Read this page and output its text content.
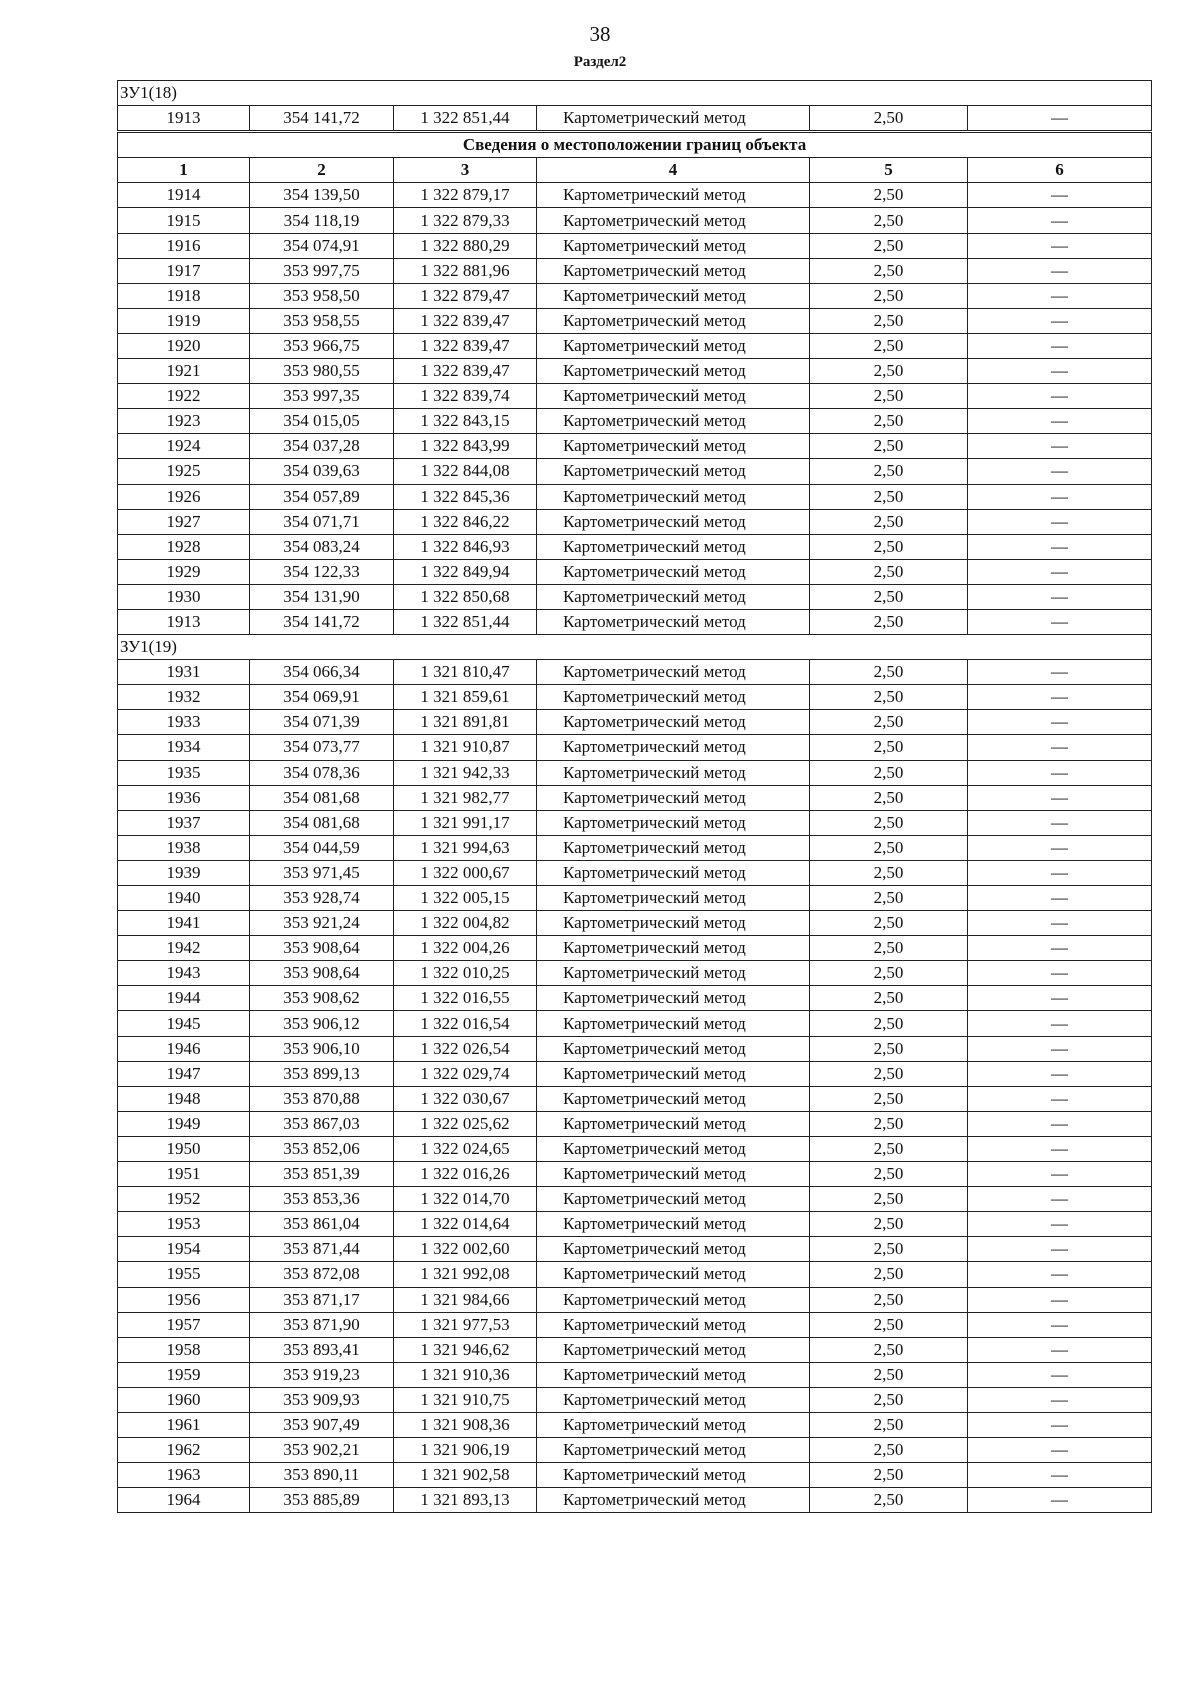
38
Раздел2
ЗУ1(18)					
1913	354 141,72	1 322 851,44	Картометрический метод	2,50	—
Сведения о местоположении границ объекта					
1	2	3	4	5	6
1914	354 139,50	1 322 879,17	Картометрический метод	2,50	—
1915	354 118,19	1 322 879,33	Картометрический метод	2,50	—
1916	354 074,91	1 322 880,29	Картометрический метод	2,50	—
1917	353 997,75	1 322 881,96	Картометрический метод	2,50	—
1918	353 958,50	1 322 879,47	Картометрический метод	2,50	—
1919	353 958,55	1 322 839,47	Картометрический метод	2,50	—
1920	353 966,75	1 322 839,47	Картометрический метод	2,50	—
1921	353 980,55	1 322 839,47	Картометрический метод	2,50	—
1922	353 997,35	1 322 839,74	Картометрический метод	2,50	—
1923	354 015,05	1 322 843,15	Картометрический метод	2,50	—
1924	354 037,28	1 322 843,99	Картометрический метод	2,50	—
1925	354 039,63	1 322 844,08	Картометрический метод	2,50	—
1926	354 057,89	1 322 845,36	Картометрический метод	2,50	—
1927	354 071,71	1 322 846,22	Картометрический метод	2,50	—
1928	354 083,24	1 322 846,93	Картометрический метод	2,50	—
1929	354 122,33	1 322 849,94	Картометрический метод	2,50	—
1930	354 131,90	1 322 850,68	Картометрический метод	2,50	—
1913	354 141,72	1 322 851,44	Картометрический метод	2,50	—
ЗУ1(19)					
1931	354 066,34	1 321 810,47	Картометрический метод	2,50	—
1932	354 069,91	1 321 859,61	Картометрический метод	2,50	—
1933	354 071,39	1 321 891,81	Картометрический метод	2,50	—
1934	354 073,77	1 321 910,87	Картометрический метод	2,50	—
1935	354 078,36	1 321 942,33	Картометрический метод	2,50	—
1936	354 081,68	1 321 982,77	Картометрический метод	2,50	—
1937	354 081,68	1 321 991,17	Картометрический метод	2,50	—
1938	354 044,59	1 321 994,63	Картометрический метод	2,50	—
1939	353 971,45	1 322 000,67	Картометрический метод	2,50	—
1940	353 928,74	1 322 005,15	Картометрический метод	2,50	—
1941	353 921,24	1 322 004,82	Картометрический метод	2,50	—
1942	353 908,64	1 322 004,26	Картометрический метод	2,50	—
1943	353 908,64	1 322 010,25	Картометрический метод	2,50	—
1944	353 908,62	1 322 016,55	Картометрический метод	2,50	—
1945	353 906,12	1 322 016,54	Картометрический метод	2,50	—
1946	353 906,10	1 322 026,54	Картометрический метод	2,50	—
1947	353 899,13	1 322 029,74	Картометрический метод	2,50	—
1948	353 870,88	1 322 030,67	Картометрический метод	2,50	—
1949	353 867,03	1 322 025,62	Картометрический метод	2,50	—
1950	353 852,06	1 322 024,65	Картометрический метод	2,50	—
1951	353 851,39	1 322 016,26	Картометрический метод	2,50	—
1952	353 853,36	1 322 014,70	Картометрический метод	2,50	—
1953	353 861,04	1 322 014,64	Картометрический метод	2,50	—
1954	353 871,44	1 322 002,60	Картометрический метод	2,50	—
1955	353 872,08	1 321 992,08	Картометрический метод	2,50	—
1956	353 871,17	1 321 984,66	Картометрический метод	2,50	—
1957	353 871,90	1 321 977,53	Картометрический метод	2,50	—
1958	353 893,41	1 321 946,62	Картометрический метод	2,50	—
1959	353 919,23	1 321 910,36	Картометрический метод	2,50	—
1960	353 909,93	1 321 910,75	Картометрический метод	2,50	—
1961	353 907,49	1 321 908,36	Картометрический метод	2,50	—
1962	353 902,21	1 321 906,19	Картометрический метод	2,50	—
1963	353 890,11	1 321 902,58	Картометрический метод	2,50	—
1964	353 885,89	1 321 893,13	Картометрический метод	2,50	—
